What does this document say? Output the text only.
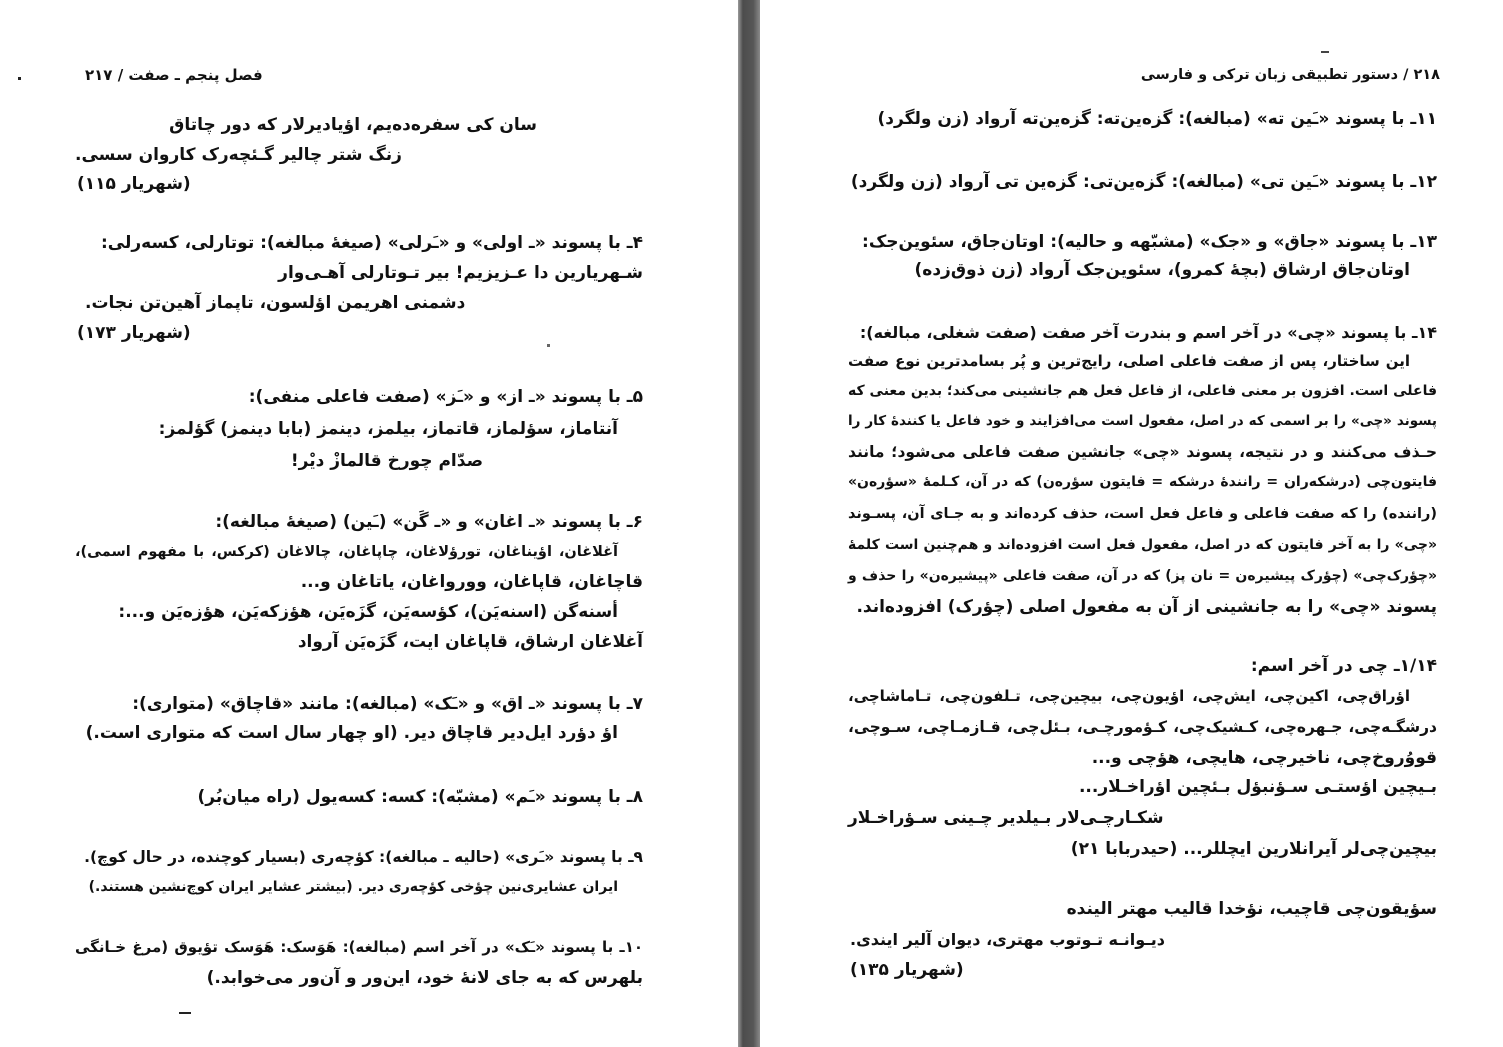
فصل پنجم ـ صفت / ۲۱۷
سان کی سفره‌ده‌یم، اؤیادیرلار که دور چاتاق
زنگ شتر چالیر گـئچه‌رک کاروان سسی.
(شهریار ۱۱۵)
۴ـ با پسوند «ـ اولی» و «ـَرلی» (صیغهٔ مبالغه): توتارلی، کسه‌رلی:
شـهریارین دا عـزیزیم! بیر تـوتارلی آهـی‌وار
دشمنی اهریمن اؤلسون، تاپماز آهین‌تن نجات.
(شهریار ۱۷۳)
۵ـ با پسوند «ـ از» و «ـَز» (صفت فاعلی منفی):
آنتاماز، سؤلماز، قاتماز، بیلمز، دینمز (بابا دینمز) گؤلمز:
صدّام چورخ قالمازْ دیْر!
۶ـ با پسوند «ـ اغان» و «ـ گَن» (ـَین) (صیغهٔ مبالغه):
آغلاغان، اؤیناغان، تورؤلاغان، چاپاغان، چالاغان (کرکس، با مفهوم اسمی)،
قاچاغان، قاپاغان، وورواغان، یاتاغان و...
أسنه‌گن (اسنه‌یَن)، کؤسه‌یَن، گزَه‌یَن، هؤزکه‌یَن، هؤزه‌یَن و...:
آغلاغان ارشاق، قاپاغان ایت، گزَه‌یَن آرواد
۷ـ با پسوند «ـ اق» و «ـَک» (مبالغه): مانند «قاچاق» (متواری):
اؤ دؤرد ایل‌دیر قاچاق دیر. (او چهار سال است که متواری است.)
۸ـ با پسوند «ـَم» (مشبّه): کسه: کسه‌یول (راه میان‌بُر)
۹ـ با پسوند «ـَری» (حالیه ـ مبالغه): کؤچه‌ری (بسیار کوچنده، در حال کوچ).
ایران عشایری‌نین چؤخی کؤچه‌ری دیر. (بیشتر عشایر ایران کوچ‌نشین هستند.)
۱۰ـ با پسوند «ـَک» در آخر اسم (مبالغه): هَوَسک: هَوَسک تؤیوق (مرغ خـانگی
بلهرس که به جای لانهٔ خود، این‌ور و آن‌ور می‌خوابد.)
۲۱۸ / دستور تطبیقی زبان ترکی و فارسی
۱۱ـ با پسوند «ـَین ته» (مبالغه): گزه‌ین‌ته: گزه‌ین‌ته آرواد (زن ولگرد)
۱۲ـ با پسوند «ـَین تی» (مبالغه): گزه‌ین‌تی: گزه‌ین تی آرواد (زن ولگرد)
۱۳ـ با پسوند «جاق» و «جک» (مشبّهه و حالیه): اوتان‌جاق، سئوین‌جک:
اوتان‌جاق ارشاق (بچهٔ کمرو)، سئوین‌جک آرواد (زن ذوق‌زده)
۱۴ـ با پسوند «چی» در آخر اسم و بندرت آخر صفت (صفت شغلی، مبالغه):
این ساختار، پس از صفت فاعلی اصلی، رایج‌ترین و پُر بسامدترین نوع صفت
فاعلی است. افزون بر معنی فاعلی، از فاعل فعل هم جانشینی می‌کند؛ بدین معنی که
پسوند «چی» را بر اسمی که در اصل، مفعول است می‌افزایند و خود فاعل یا کنندهٔ کار را
حـذف می‌کنند و در نتیجه، پسوند «چی» جانشین صفت فاعلی می‌شود؛ مانند
فایتون‌چی (درشکه‌ران = رانندهٔ درشکه = فایتون سؤره‌ن) که در آن، کـلمهٔ «سؤره‌ن»
(راننده) را که صفت فاعلی و فاعل فعل است، حذف کرده‌اند و به جـای آن، پسـوند
«چی» را به آخر فایتون که در اصل، مفعول فعل است افزوده‌اند و هم‌چنین است کلمهٔ
«چؤرک‌چی» (چؤرک پیشیره‌ن = نان پز) که در آن، صفت فاعلی «پیشیره‌ن» را حذف و
پسوند «چی» را به جانشینی از آن به مفعول اصلی (چؤرک) افزوده‌اند.
۱/۱۴ـ چی در آخر اسم:
اؤراق‌چی، اکین‌چی، ایش‌چی، اؤیون‌چی، بیچین‌چی، تـلفون‌چی، تـاماشاچی،
درشگـه‌چی، جـهره‌چی، کـشیک‌چی، کـؤمورچـی، بـئل‌چی، قـازمـاچی، سـوچی،
قووُروخ‌چی، ناخیرچی، هایچی، هؤچی و...
بـیچین اؤستـی سـؤنبؤل بـئچین اؤراخـلار...
شکـارچـی‌لار بـیلدیر چـینی سـؤراخـلار
بیچین‌چی‌لر آیرانلارین ایچللر... (حیدربابا ۲۱)
سؤیقون‌چی قاچیب، نؤخدا قالیب مهتر الینده
دیـوانـه تـوتوب مهتری، دیوان آلیر ایندی.
(شهریار ۱۳۵)
